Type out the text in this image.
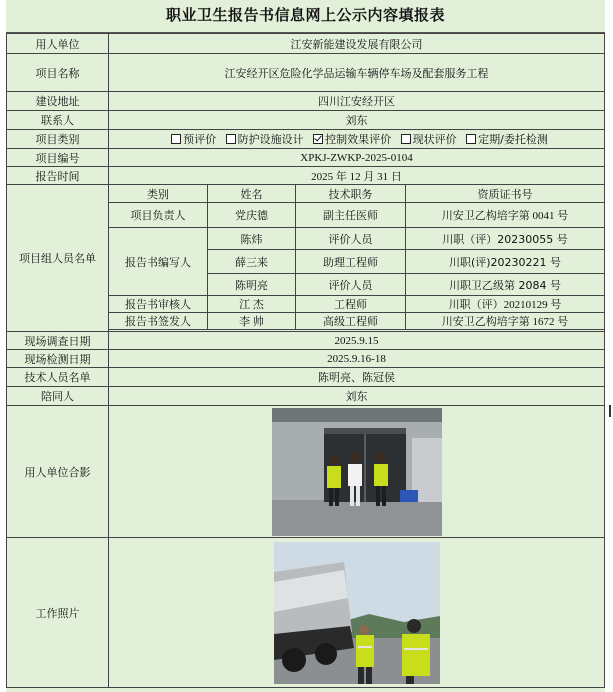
职业卫生报告书信息网上公示内容填报表
用人单位	江安新能建设发展有限公司			
项目名称	江安经开区危险化学品运输车辆停车场及配套服务工程			
建设地址	四川江安经开区			
联系人	刘东			
项目类别	预评价 防护设施设计 控制效果评价 现状评价 定期/委托检测			
项目编号	XPKJ-ZWKP-2025-0104			
报告时间	2025 年 12 月 31 日			
项目组人员名单	类别	姓名	技术职务	资质证书号
	项目负责人	党庆德	副主任医师	川安卫乙构培字第 0041 号
	报告书编写人	陈炜	评价人员	川职（评）20230055 号
		薛三来	助理工程师	川职(评)20230221 号
		陈明亮	评价人员	川职卫乙级第 2084 号
	报告书审核人	江 杰	工程师	川职（评）20210129 号
	报告书签发人	李 帅	高级工程师	川安卫乙构培字第 1672 号

现场调查日期	2025.9.15			
现场检测日期	2025.9.16-18			
技术人员名单	陈明亮、陈冠侯			
陪同人	刘东			
用人单位合影	

工作照片	
